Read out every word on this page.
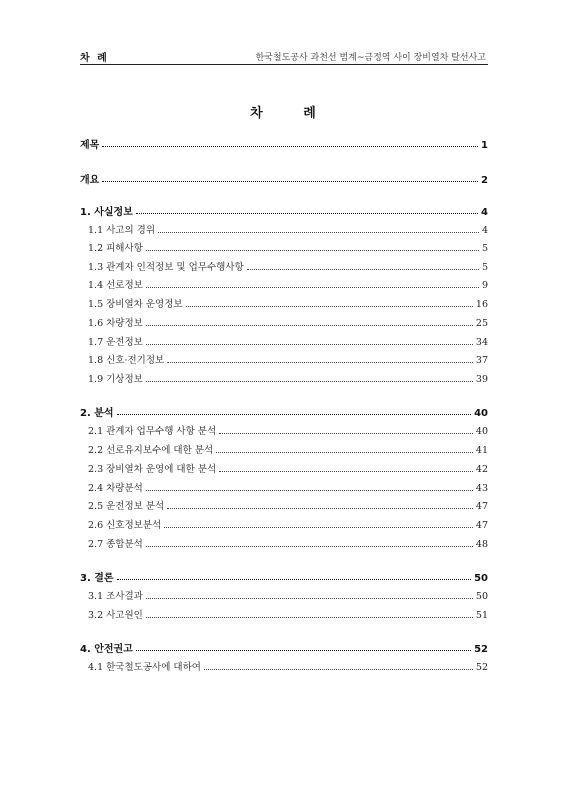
차 례	한국철도공사 과천선 범계~금정역 사이 장비열차 탈선사고
차 례
제목	1
개요	2
1. 사실정보	4
1.1 사고의 경위	4
1.2 피해사항	5
1.3 관계자 인적정보 및 업무수행사항	5
1.4 선로정보	9
1.5 장비열차 운영정보	16
1.6 차량정보	25
1.7 운전정보	34
1.8 신호·전기정보	37
1.9 기상정보	39
2. 분석	40
2.1 관계자 업무수행 사항 분석	40
2.2 선로유지보수에 대한 분석	41
2.3 장비열차 운영에 대한 분석	42
2.4 차량분석	43
2.5 운전정보 분석	47
2.6 신호정보분석	47
2.7 종합분석	48
3. 결론	50
3.1 조사결과	50
3.2 사고원인	51
4. 안전권고	52
4.1 한국철도공사에 대하여	52
